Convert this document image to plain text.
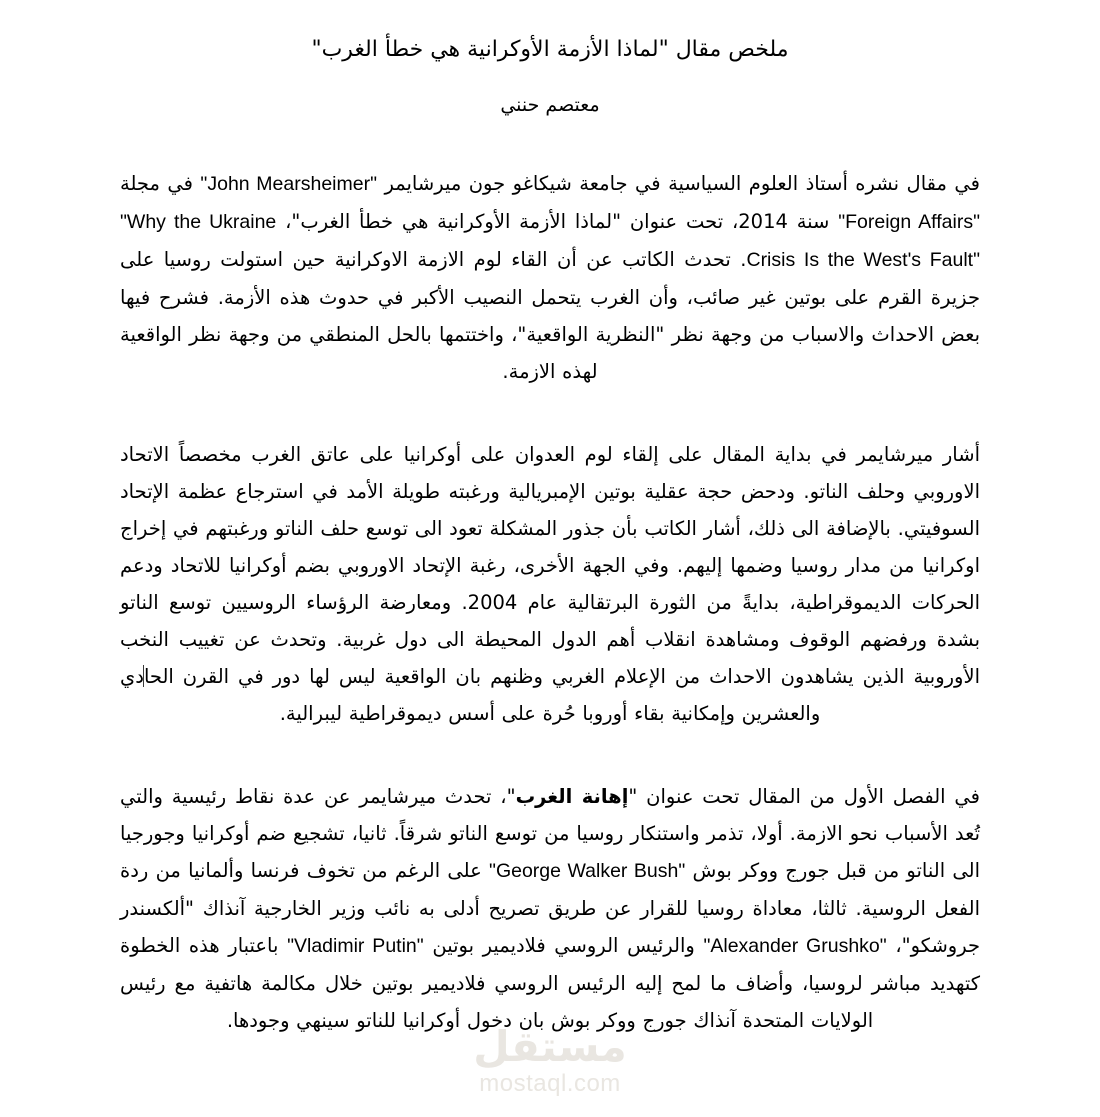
مستقل
mostaql.com
ملخص مقال "لماذا الأزمة الأوكرانية هي خطأ الغرب"
معتصم حنني

في مقال نشره أستاذ العلوم السياسية في جامعة شيكاغو جون ميرشايمر "John Mearsheimer" في مجلة "Foreign Affairs" سنة 2014، تحت عنوان "لماذا الأزمة الأوكرانية هي خطأ الغرب"، "Why the Ukraine Crisis Is the West's Fault". تحدث الكاتب عن أن القاء لوم الازمة الاوكرانية حين استولت روسيا على جزيرة القرم على بوتين غير صائب، وأن الغرب يتحمل النصيب الأكبر في حدوث هذه الأزمة. فشرح فيها بعض الاحداث والاسباب من وجهة نظر "النظرية الواقعية"، واختتمها بالحل المنطقي من وجهة نظر الواقعية لهذه الازمة.

أشار ميرشايمر في بداية المقال على إلقاء لوم العدوان على أوكرانيا على عاتق الغرب مخصصاً الاتحاد الاوروبي وحلف الناتو. ودحض حجة عقلية بوتين الإمبريالية ورغبته طويلة الأمد في استرجاع عظمة الإتحاد السوفيتي. بالإضافة الى ذلك، أشار الكاتب بأن جذور المشكلة تعود الى توسع حلف الناتو ورغبتهم في إخراج اوكرانيا من مدار روسيا وضمها إليهم. وفي الجهة الأخرى، رغبة الإتحاد الاوروبي بضم أوكرانيا للاتحاد ودعم الحركات الديموقراطية، بدايةً من الثورة البرتقالية عام 2004. ومعارضة الرؤساء الروسيين توسع الناتو بشدة ورفضهم الوقوف ومشاهدة انقلاب أهم الدول المحيطة الى دول غربية. وتحدث عن تغييب النخب الأوروبية الذين يشاهدون الاحداث من الإعلام الغربي وظنهم بان الواقعية ليس لها دور في القرن الحادي والعشرين وإمكانية بقاء أوروبا حُرة على أسس ديموقراطية ليبرالية.

في الفصل الأول من المقال تحت عنوان "إهانة الغرب"، تحدث ميرشايمر عن عدة نقاط رئيسية والتي تُعد الأسباب نحو الازمة. أولا، تذمر واستنكار روسيا من توسع الناتو شرقاً. ثانيا، تشجيع ضم أوكرانيا وجورجيا الى الناتو من قبل جورج ووكر بوش "George Walker Bush" على الرغم من تخوف فرنسا وألمانيا من ردة الفعل الروسية. ثالثا، معاداة روسيا للقرار عن طريق تصريح أدلى به نائب وزير الخارجية آنذاك "ألكسندر جروشكو"، "Alexander Grushko" والرئيس الروسي فلاديمير بوتين "Vladimir Putin" باعتبار هذه الخطوة كتهديد مباشر لروسيا، وأضاف ما لمح إليه الرئيس الروسي فلاديمير بوتين خلال مكالمة هاتفية مع رئيس الولايات المتحدة آنذاك جورج ووكر بوش بان دخول أوكرانيا للناتو سينهي وجودها.
